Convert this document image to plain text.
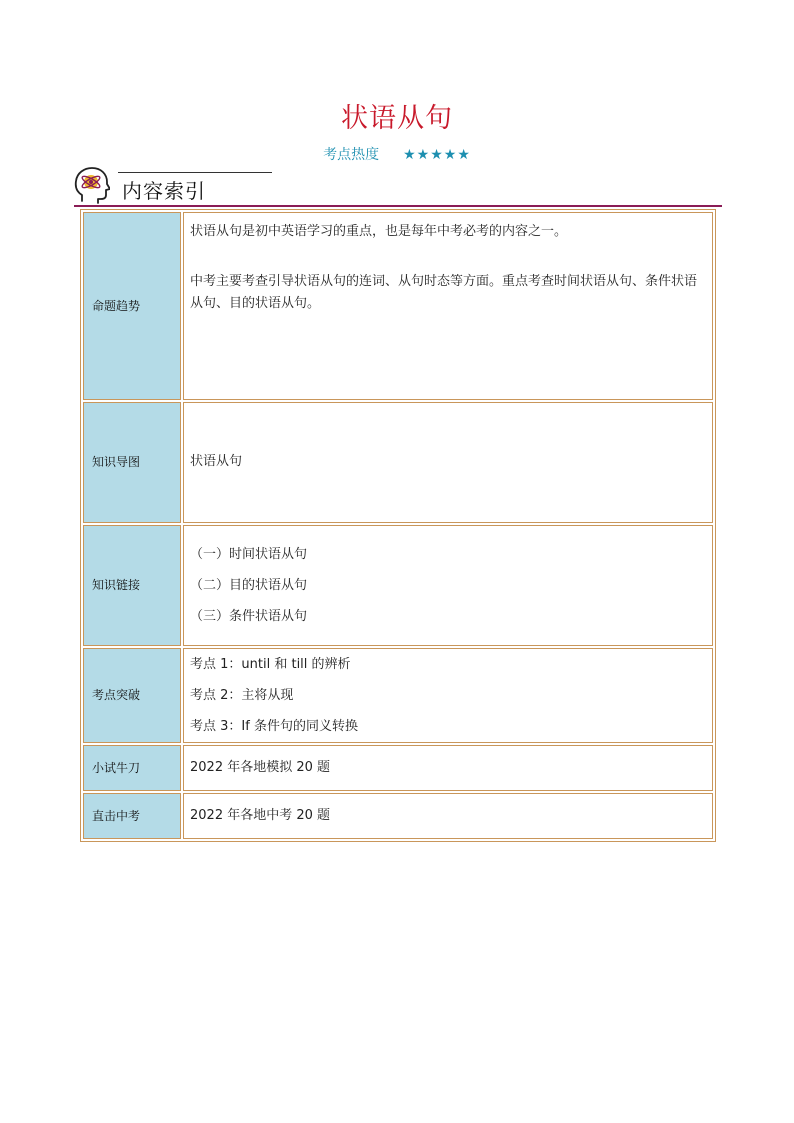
状语从句
考点热度 ★★★★★
内容索引
命题趋势	状语从句是初中英语学习的重点，也是每年中考必考的内容之一。

中考主要考查引导状语从句的连词、从句时态等方面。重点考查时间状语从句、条件状语从句、目的状语从句。

知识导图	状语从句
知识链接	（一）时间状语从句

（二）目的状语从句

（三）条件状语从句

考点突破	考点 1：until 和 till 的辨析

考点 2：主将从现

考点 3：If 条件句的同义转换

小试牛刀	2022 年各地模拟 20 题
直击中考	2022 年各地中考 20 题
